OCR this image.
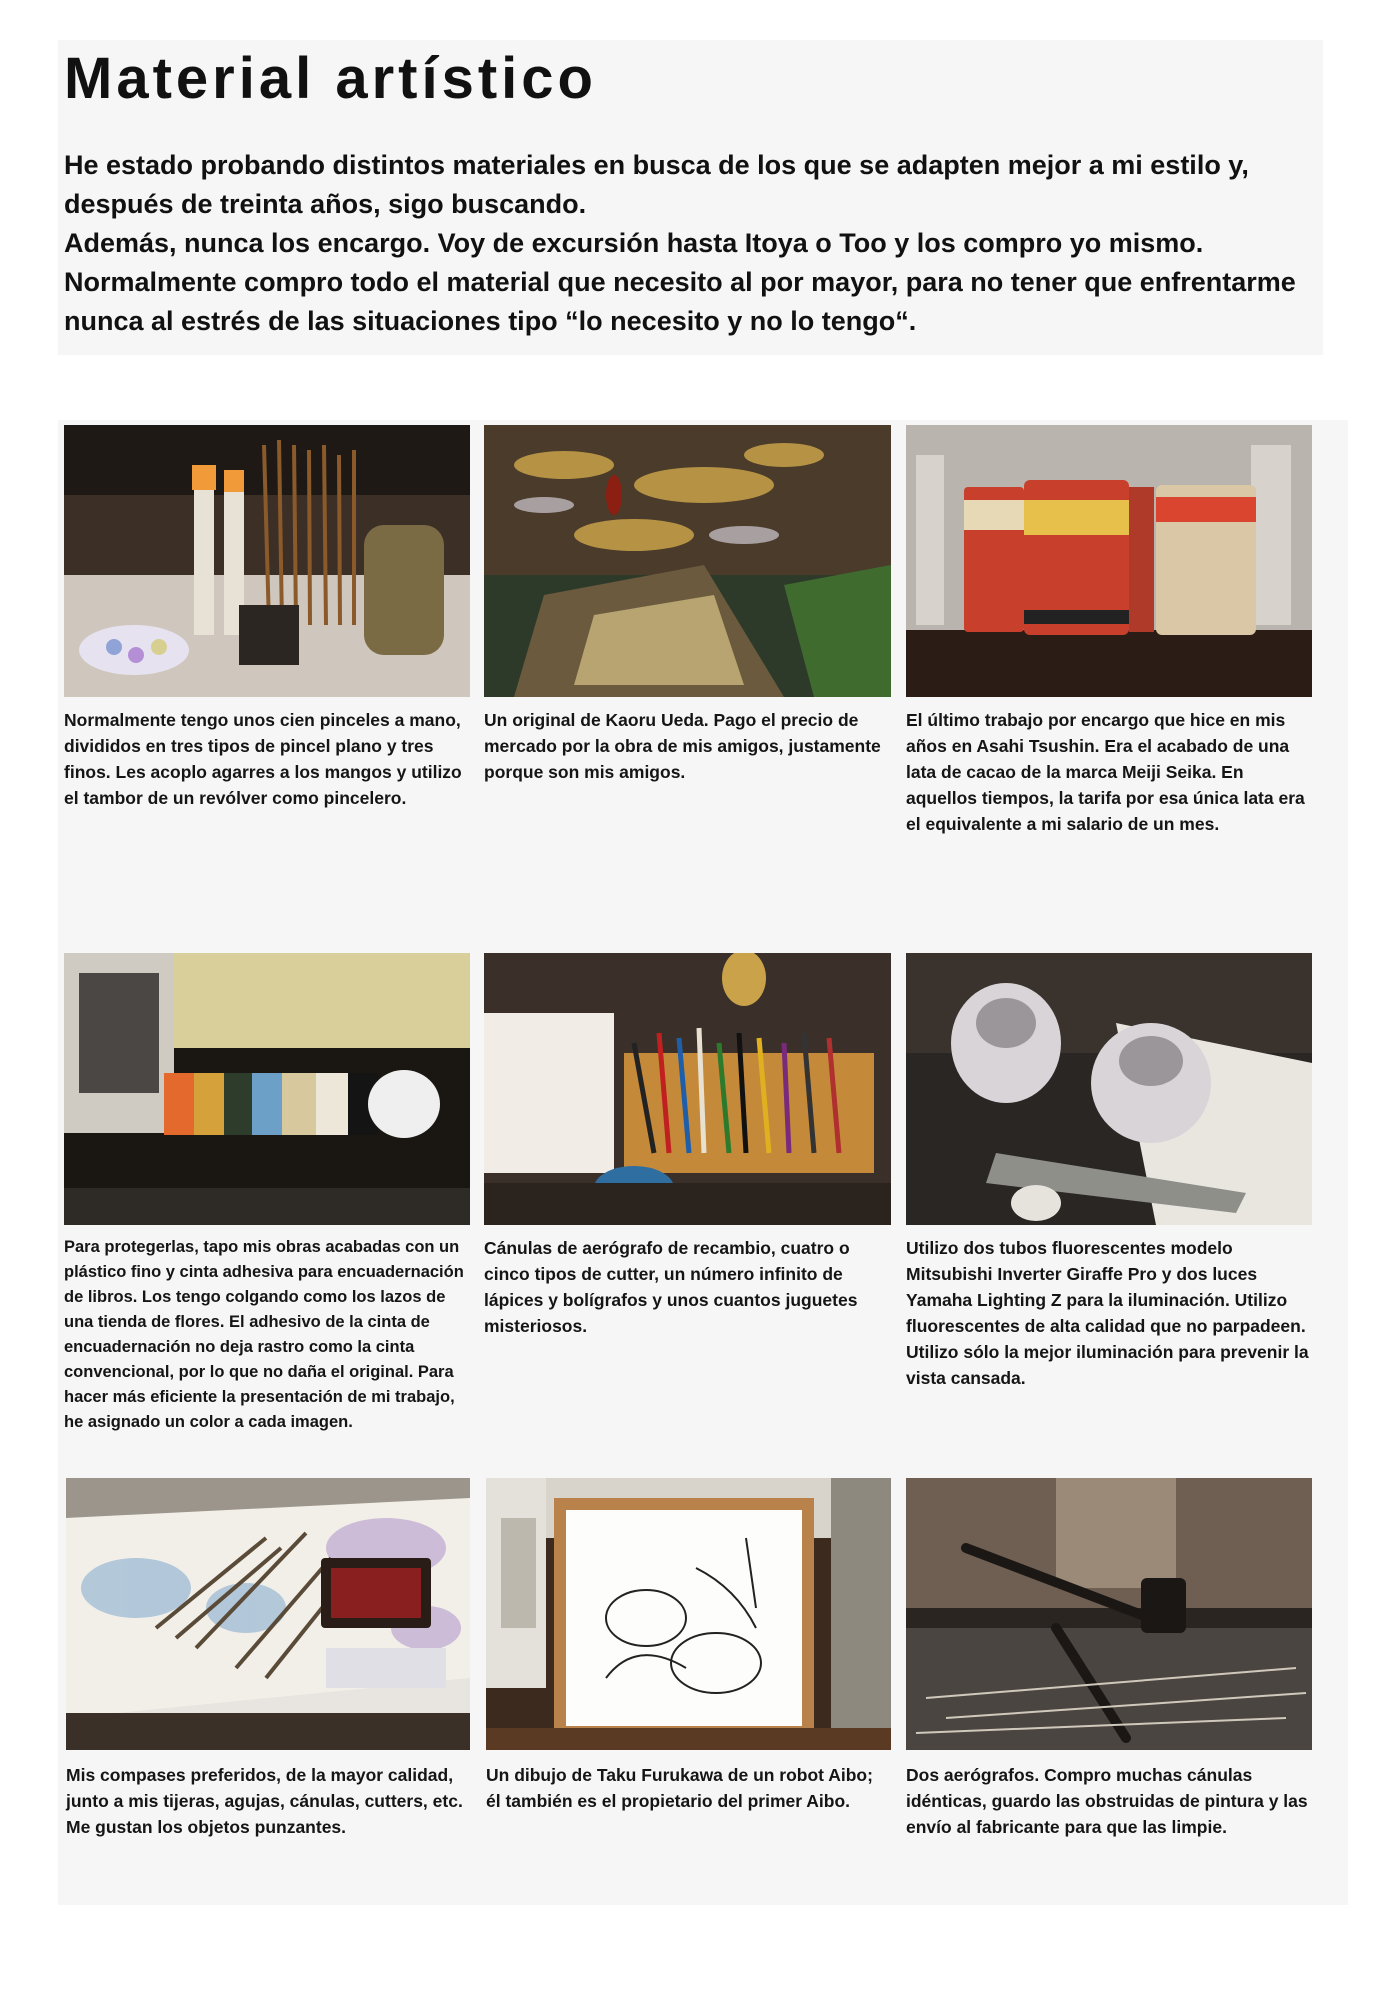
Material artístico

He estado probando distintos materiales en busca de los que se adapten mejor a mi estilo y, después de treinta años, sigo buscando.

Además, nunca los encargo. Voy de excursión hasta Itoya o Too y los compro yo mismo. Normalmente compro todo el material que necesito al por mayor, para no tener que enfrentarme nunca al estrés de las situaciones tipo “lo necesito y no lo tengo“.

Normalmente tengo unos cien pinceles a mano, divididos en tres tipos de pincel plano y tres finos. Les acoplo agarres a los mangos y utilizo el tambor de un revólver como pincelero.

Un original de Kaoru Ueda. Pago el precio de mercado por la obra de mis amigos, justamente porque son mis amigos.

El último trabajo por encargo que hice en mis años en Asahi Tsushin. Era el acabado de una lata de cacao de la marca Meiji Seika. En aquellos tiempos, la tarifa por esa única lata era el equivalente a mi salario de un mes.

Para protegerlas, tapo mis obras acabadas con un plástico fino y cinta adhesiva para encuadernación de libros. Los tengo colgando como los lazos de una tienda de flores. El adhesivo de la cinta de encuadernación no deja rastro como la cinta convencional, por lo que no daña el original. Para hacer más eficiente la presentación de mi trabajo, he asignado un color a cada imagen.

Cánulas de aerógrafo de recambio, cuatro o cinco tipos de cutter, un número infinito de lápices y bolígrafos y unos cuantos juguetes misteriosos.

Utilizo dos tubos fluorescentes modelo Mitsubishi Inverter Giraffe Pro y dos luces Yamaha Lighting Z para la iluminación. Utilizo fluorescentes de alta calidad que no parpadeen. Utilizo sólo la mejor iluminación para prevenir la vista cansada.

Mis compases preferidos, de la mayor calidad, junto a mis tijeras, agujas, cánulas, cutters, etc. Me gustan los objetos punzantes.

Un dibujo de Taku Furukawa de un robot Aibo; él también es el propietario del primer Aibo.

Dos aerógrafos. Compro muchas cánulas idénticas, guardo las obstruidas de pintura y las envío al fabricante para que las limpie.
